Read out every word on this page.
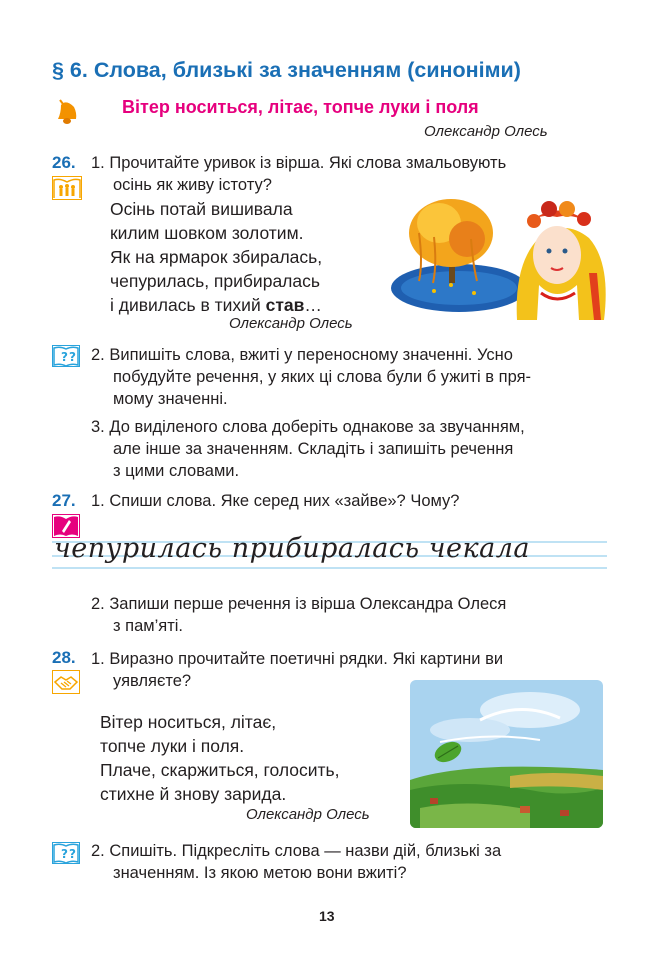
§ 6. Слова, близькі за значенням (синоніми)
Вітер носиться, літає, топче луки і поля
Олександр Олесь
26. 1. Прочитайте уривок із вірша. Які слова змальовують
осінь як живу істоту?
Осінь потай вишивала
килим шовком золотим.
Як на ярмарок збиралась,
чепурилась, прибиралась
і дивилась в тихий став…
Олександр Олесь
? ? 2. Випишіть слова, вжиті у переносному значенні. Усно
побудуйте речення, у яких ці слова були б ужиті в пря-
мому значенні.
3. До виділеного слова доберіть однакове за звучанням,
але інше за значенням. Складіть і запишіть речення
з цими словами.
27. 1. Спиши слова. Яке серед них «зайве»? Чому?
чепурилась прибиралась чекала
2. Запиши перше речення із вірша Олександра Олеся
з пам’яті.
28. 1. Виразно прочитайте поетичні рядки. Які картини ви
уявляєте?
Вітер носиться, літає,
топче луки і поля.
Плаче, скаржиться, голосить,
стихне й знову зарида.
Олександр Олесь
? ? 2. Спишіть. Підкресліть слова — назви дій, близькі за
значенням. Із якою метою вони вжиті?
13
